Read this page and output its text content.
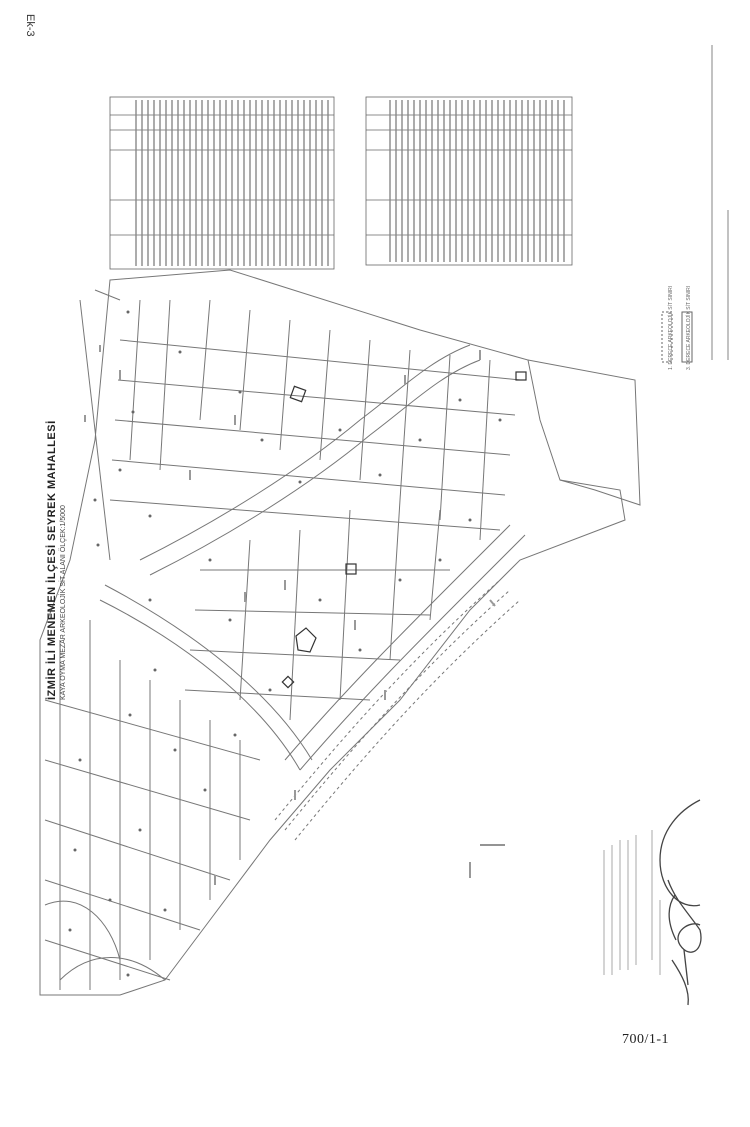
Ek-3
İZMİR İLİ MENEMEN İLÇESİ SEYREK MAHALLESİ KAYA OYMA MEZAR ARKEOLOJİK SİT ALANI ÖLÇEK:1/5000
1. DERECE ARKEOLOJİK SİT SINIRI 3. DERECE ARKEOLOJİK SİT SINIRI
700/1-1
